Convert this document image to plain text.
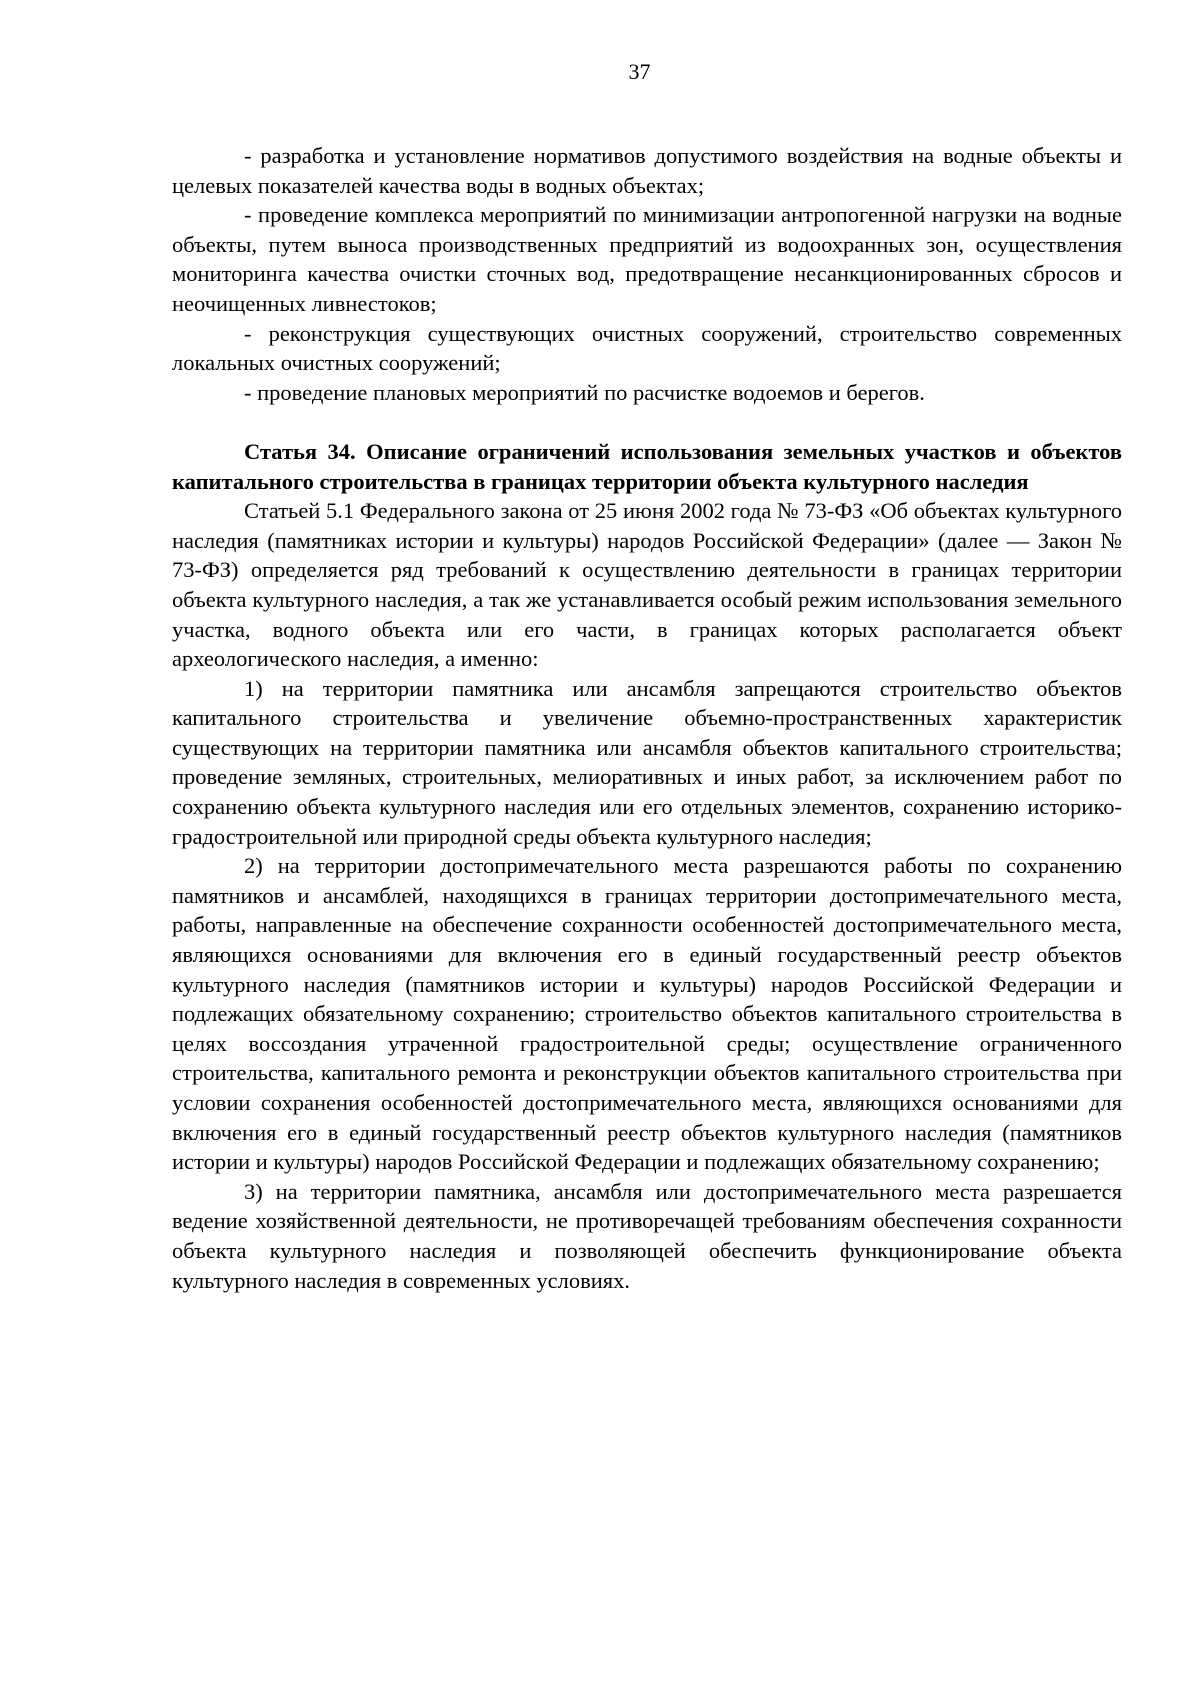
37

- разработка и установление нормативов допустимого воздействия на водные объекты и целевых показателей качества воды в водных объектах;

- проведение комплекса мероприятий по минимизации антропогенной нагрузки на водные объекты, путем выноса производственных предприятий из водоохранных зон, осуществления мониторинга качества очистки сточных вод, предотвращение несанкционированных сбросов и неочищенных ливнестоков;

- реконструкция существующих очистных сооружений, строительство современных локальных очистных сооружений;

- проведение плановых мероприятий по расчистке водоемов и берегов.

Статья 34. Описание ограничений использования земельных участков и объектов капитального строительства в границах территории объекта культурного наследия

Статьей 5.1 Федерального закона от 25 июня 2002 года № 73-ФЗ «Об объектах культурного наследия (памятниках истории и культуры) народов Российской Федерации» (далее — Закон № 73-ФЗ) определяется ряд требований к осуществлению деятельности в границах территории объекта культурного наследия, а так же устанавливается особый режим использования земельного участка, водного объекта или его части, в границах которых располагается объект археологического наследия, а именно:

1) на территории памятника или ансамбля запрещаются строительство объектов капитального строительства и увеличение объемно-пространственных характеристик существующих на территории памятника или ансамбля объектов капитального строительства; проведение земляных, строительных, мелиоративных и иных работ, за исключением работ по сохранению объекта культурного наследия или его отдельных элементов, сохранению историко-градостроительной или природной среды объекта культурного наследия;

2) на территории достопримечательного места разрешаются работы по сохранению памятников и ансамблей, находящихся в границах территории достопримечательного места, работы, направленные на обеспечение сохранности особенностей достопримечательного места, являющихся основаниями для включения его в единый государственный реестр объектов культурного наследия (памятников истории и культуры) народов Российской Федерации и подлежащих обязательному сохранению; строительство объектов капитального строительства в целях воссоздания утраченной градостроительной среды; осуществление ограниченного строительства, капитального ремонта и реконструкции объектов капитального строительства при условии сохранения особенностей достопримечательного места, являющихся основаниями для включения его в единый государственный реестр объектов культурного наследия (памятников истории и культуры) народов Российской Федерации и подлежащих обязательному сохранению;

3) на территории памятника, ансамбля или достопримечательного места разрешается ведение хозяйственной деятельности, не противоречащей требованиям обеспечения сохранности объекта культурного наследия и позволяющей обеспечить функционирование объекта культурного наследия в современных условиях.
